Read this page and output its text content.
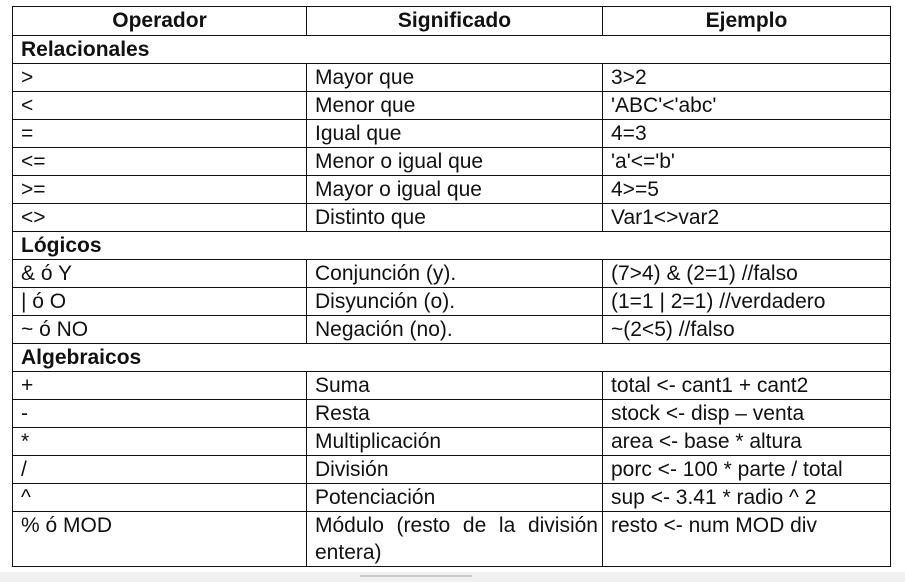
Operador	Significado	Ejemplo
Relacionales		
>	Mayor que	3>2
<	Menor que	'ABC'<'abc'
=	Igual que	4=3
<=	Menor o igual que	'a'<='b'
>=	Mayor o igual que	4>=5
<>	Distinto que	Var1<>var2
Lógicos		
& ó Y	Conjunción (y).	(7>4) & (2=1) //falso
| ó O	Disyunción (o).	(1=1 | 2=1) //verdadero
~ ó NO	Negación (no).	~(2<5) //falso
Algebraicos		
+	Suma	total <- cant1 + cant2
-	Resta	stock <- disp – venta
*	Multiplicación	area <- base * altura
/	División	porc <- 100 * parte / total
^	Potenciación	sup <- 3.41 * radio ^ 2
% ó MOD	Módulo (resto de la división entera)	resto <- num MOD div
